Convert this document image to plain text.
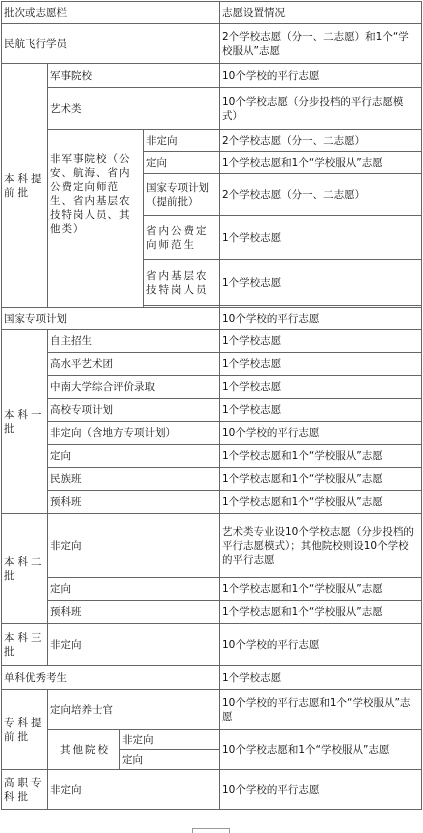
批次或志愿栏				志愿设置情况	
民航飞行学员				2个学校志愿（分一、二志愿）和1个“学校服从”志愿	
本科提前批	军事院校			10个学校的平行志愿	
	艺术类			10个学校志愿（分步投档的平行志愿模式）	
			非定向	2个学校志愿（分一、二志愿）	
	非军事院校（公安、航海、省内公费定向师范生、省内基层农技特岗人员、其他类）		定向	1个学校志愿和1个“学校服从”志愿	
			国家专项计划（提前批）	2个学校志愿（分一、二志愿）	
			省内公费定向师范生	1个学校志愿	
			省内基层农技特岗人员	1个学校志愿	

国家专项计划				10个学校的平行志愿	
本科一批	自主招生			1个学校志愿	
	高水平艺术团			1个学校志愿	
	中南大学综合评价录取			1个学校志愿	
	高校专项计划			1个学校志愿	
	非定向（含地方专项计划）			10个学校的平行志愿	
	定向			1个学校志愿和1个“学校服从”志愿	
	民族班			1个学校志愿和1个“学校服从”志愿	
	预科班			1个学校志愿和1个“学校服从”志愿	
本科二批	非定向			艺术类专业设10个学校志愿（分步投档的平行志愿模式）；其他院校则设10个学校的平行志愿	
	定向			1个学校志愿和1个“学校服从”志愿	
	预科班			1个学校志愿和1个“学校服从”志愿	
本科三批	非定向			10个学校的平行志愿	
单科优秀考生				1个学校志愿	
专科提前批	定向培养士官			10个学校的平行志愿和1个“学校服从”志愿	
	其他院校	非定向		10个学校志愿和1个“学校服从”志愿	
		定向			
高职专科批	非定向			10个学校的平行志愿	
